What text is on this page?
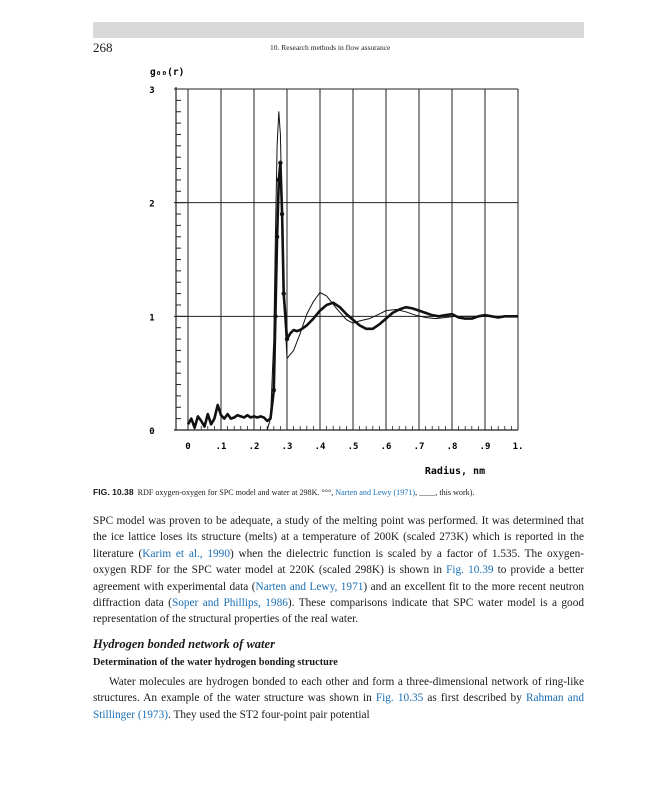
268	10. Research methods in flow assurance
0	.1 .2 .3 .4 .5 .6 .7 .8 .9 1.
0
1
2
3
g₀₀(r)
Radius, nm
FIG. 10.38 RDF oxygen-oxygen for SPC model and water at 298K. °°°, Narten and Lewy (1971), ____, this work).

SPC model was proven to be adequate, a study of the melting point was performed. It was determined that the ice lattice loses its structure (melts) at a temperature of 200K (scaled 273K) which is reported in the literature (Karim et al., 1990) when the dielectric function is scaled by a factor of 1.535. The oxygen-oxygen RDF for the SPC water model at 220K (scaled 298K) is shown in Fig. 10.39 to provide a better agreement with experimental data (Narten and Lewy, 1971) and an excellent fit to the more recent neutron diffraction data (Soper and Phillips, 1986). These comparisons indicate that SPC water model is a good representation of the structural properties of the real water.

Hydrogen bonded network of water
Determination of the water hydrogen bonding structure

Water molecules are hydrogen bonded to each other and form a three-dimensional network of ring-like structures. An example of the water structure was shown in Fig. 10.35 as first described by Rahman and Stillinger (1973). They used the ST2 four-point pair potential
